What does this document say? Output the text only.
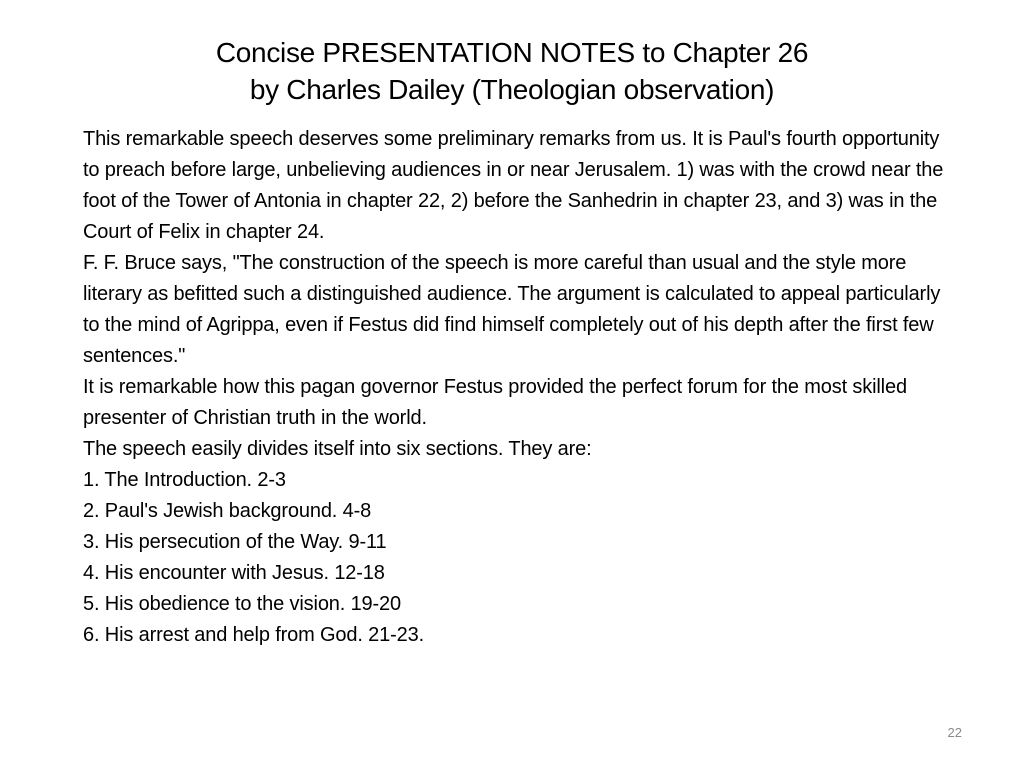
Concise PRESENTATION NOTES to Chapter 26
by Charles Dailey (Theologian observation)

This remarkable speech deserves some preliminary remarks from us. It is Paul's fourth opportunity to preach before large, unbelieving audiences in or near Jerusalem. 1) was with the crowd near the foot of the Tower of Antonia in chapter 22, 2) before the Sanhedrin in chapter 23, and 3) was in the Court of Felix in chapter 24.

F. F. Bruce says, "The construction of the speech is more careful than usual and the style more literary as befitted such a distinguished audience. The argument is calculated to appeal particularly to the mind of Agrippa, even if Festus did find himself completely out of his depth after the first few sentences."

It is remarkable how this pagan governor Festus provided the perfect forum for the most skilled presenter of Christian truth in the world.

The speech easily divides itself into six sections. They are:

1. The Introduction. 2-3
2. Paul's Jewish background. 4-8
3. His persecution of the Way. 9-11
4. His encounter with Jesus. 12-18
5. His obedience to the vision. 19-20
6. His arrest and help from God. 21-23.
22
